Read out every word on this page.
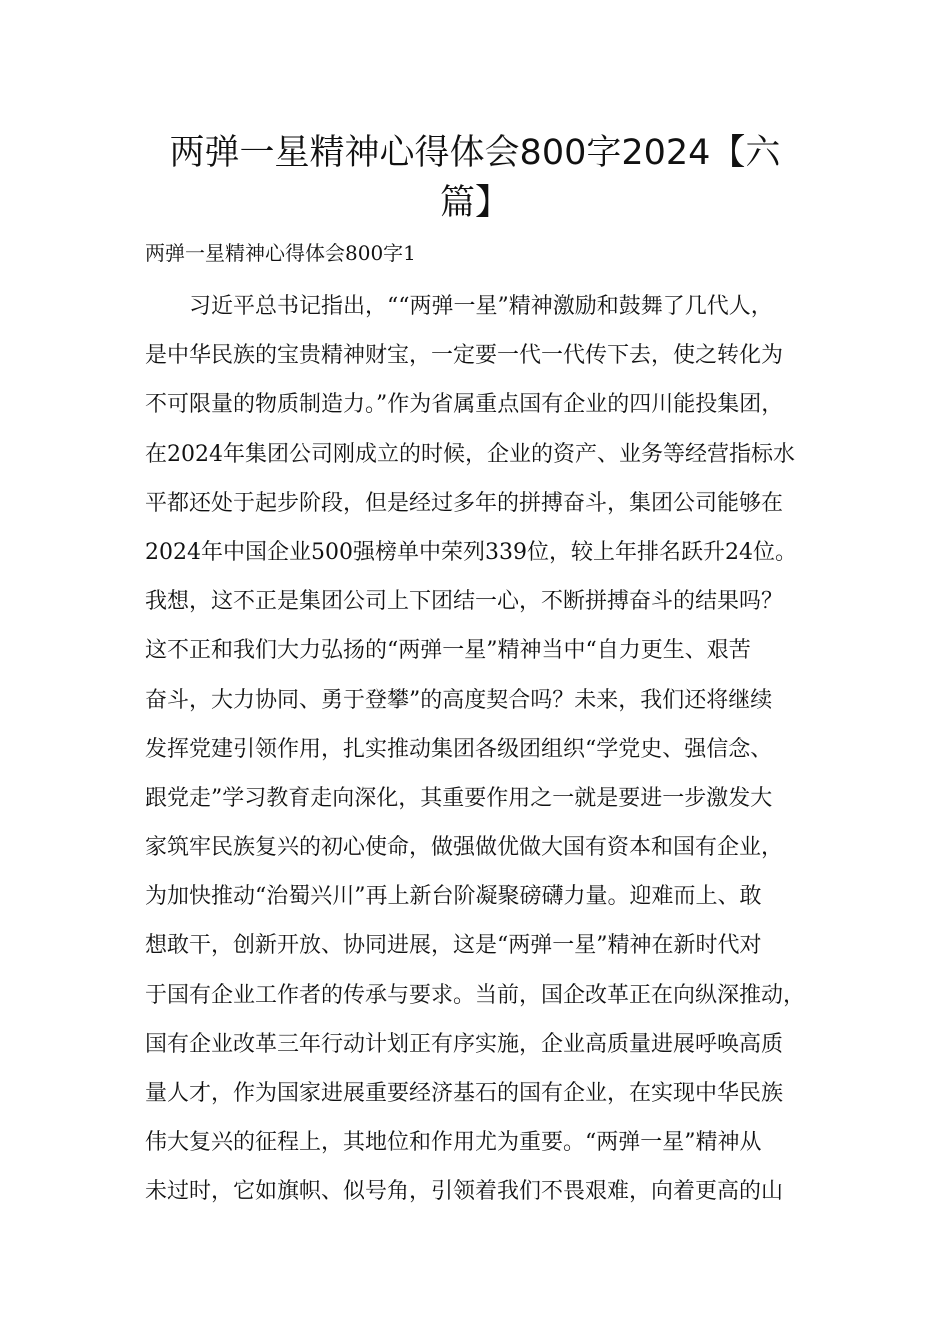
两弹一星精神心得体会800字2024【六
篇】
两弹一星精神心得体会800字1
习近平总书记指出，““两弹一星”精神激励和鼓舞了几代人，
是中华民族的宝贵精神财宝，一定要一代一代传下去，使之转化为
不可限量的物质制造力。”作为省属重点国有企业的四川能投集团，
在2024年集团公司刚成立的时候，企业的资产、业务等经营指标水
平都还处于起步阶段，但是经过多年的拼搏奋斗，集团公司能够在
2024年中国企业500强榜单中荣列339位，较上年排名跃升24位。
我想，这不正是集团公司上下团结一心，不断拼搏奋斗的结果吗？
这不正和我们大力弘扬的“两弹一星”精神当中“自力更生、艰苦
奋斗，大力协同、勇于登攀”的高度契合吗？未来，我们还将继续
发挥党建引领作用，扎实推动集团各级团组织“学党史、强信念、
跟党走”学习教育走向深化，其重要作用之一就是要进一步激发大
家筑牢民族复兴的初心使命，做强做优做大国有资本和国有企业，
为加快推动“治蜀兴川”再上新台阶凝聚磅礴力量。迎难而上、敢
想敢干，创新开放、协同进展，这是“两弹一星”精神在新时代对
于国有企业工作者的传承与要求。当前，国企改革正在向纵深推动，
国有企业改革三年行动计划正有序实施，企业高质量进展呼唤高质
量人才，作为国家进展重要经济基石的国有企业，在实现中华民族
伟大复兴的征程上，其地位和作用尤为重要。“两弹一星”精神从
未过时，它如旗帜、似号角，引领着我们不畏艰难，向着更高的山
